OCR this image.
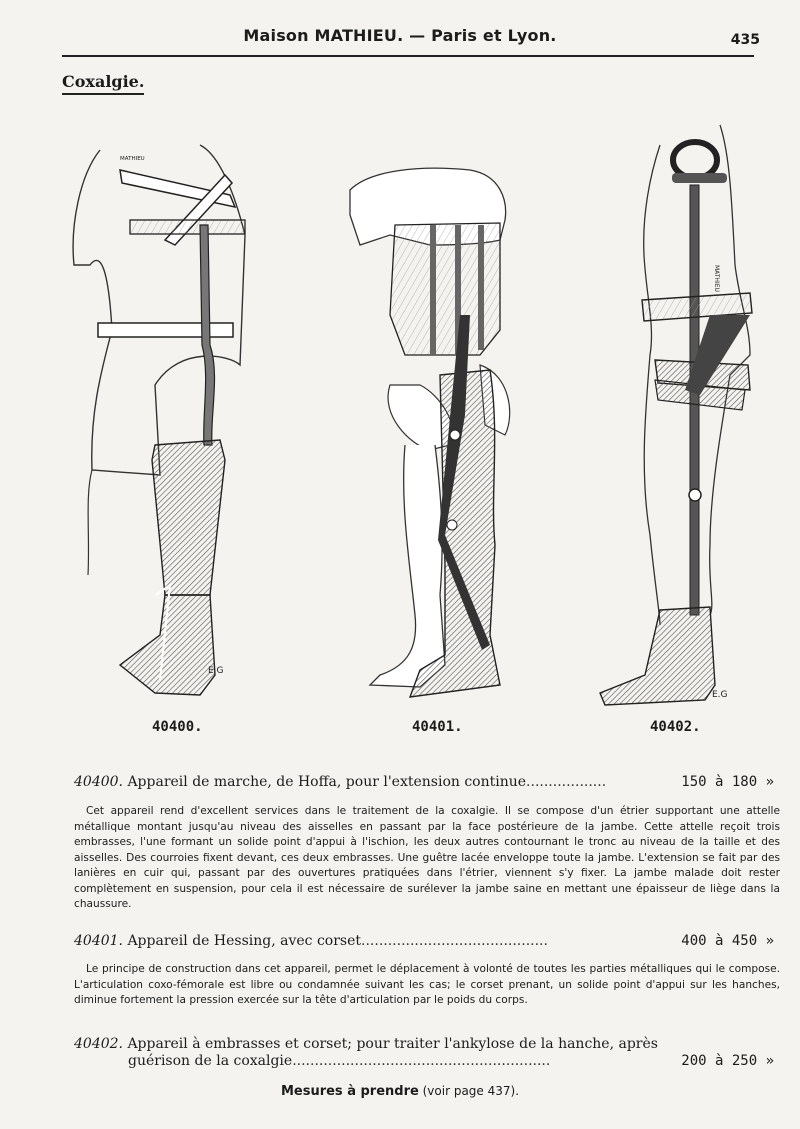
Maison MATHIEU. — Paris et Lyon.	435
Coxalgie.
MATHIEU
E.G
MATHIEU
E.G
40400.	40401.	40402.
40400. Appareil de marche, de Hoffa, pour l'extension continue..................	150 à 180 »
Cet appareil rend d'excellent services dans le traitement de la coxalgie. Il se compose d'un étrier supportant une attelle métallique montant jusqu'au niveau des aisselles en passant par la face postérieure de la jambe. Cette attelle reçoit trois embrasses, l'une formant un solide point d'appui à l'ischion, les deux autres contournant le tronc au niveau de la taille et des aisselles. Des courroies fixent devant, ces deux embrasses. Une guêtre lacée enveloppe toute la jambe. L'extension se fait par des lanières en cuir qui, passant par des ouvertures pratiquées dans l'étrier, viennent s'y fixer. La jambe malade doit rester complètement en suspension, pour cela il est nécessaire de surélever la jambe saine en mettant une épaisseur de liège dans la chaussure.
40401. Appareil de Hessing, avec corset..........................................	400 à 450 »
Le principe de construction dans cet appareil, permet le déplacement à volonté de toutes les parties métalliques qui le compose. L'articulation coxo-fémorale est libre ou condamnée suivant les cas; le corset prenant, un solide point d'appui sur les hanches, diminue fortement la pression exercée sur la tête d'articulation par le poids du corps.
40402. Appareil à embrasses et corset; pour traiter l'ankylose de la hanche, après
guérison de la coxalgie..........................................................	200 à 250 »
Mesures à prendre (voir page 437).
